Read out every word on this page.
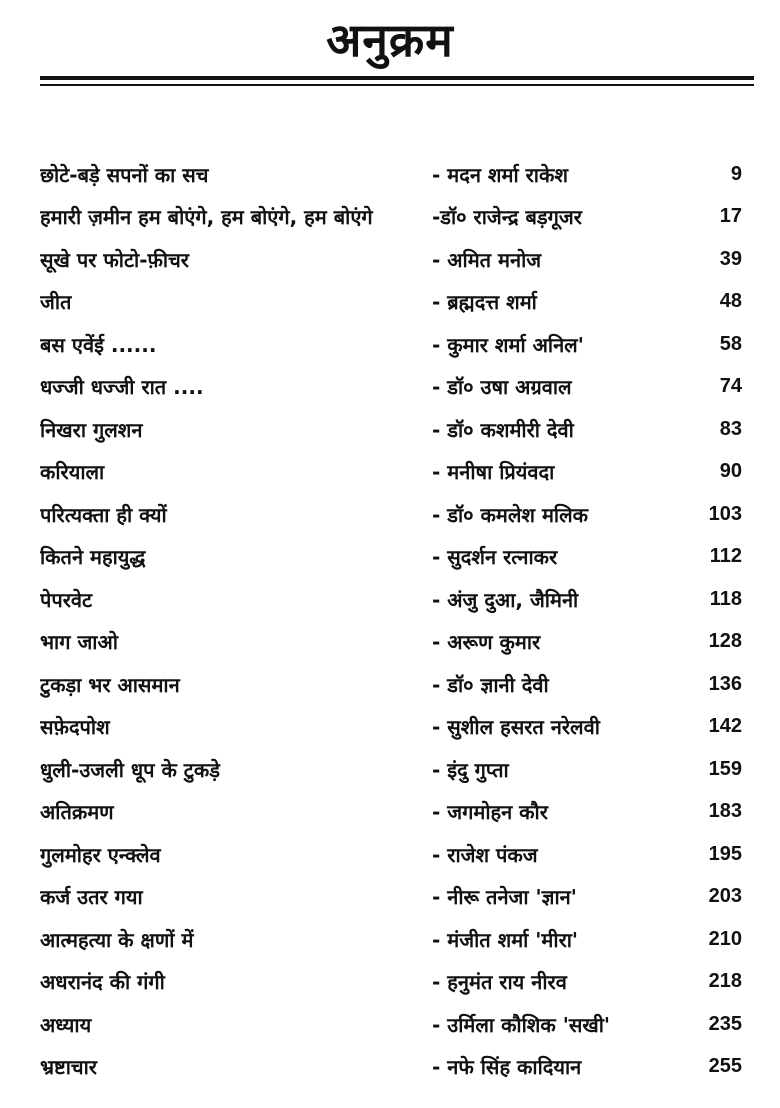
अनुक्रम
छोटे-बड़े सपनों का सच	- मदन शर्मा राकेश	9
हमारी ज़मीन हम बोएंगे, हम बोएंगे, हम बोएंगे	-डॉ० राजेन्द्र बड़गूजर	17
सूखे पर फोटो-फ़ीचर	- अमित मनोज	39
जीत	- ब्रह्मदत्त शर्मा	48
बस एवेंई ......	- कुमार शर्मा अनिल'	58
धज्जी धज्जी रात ....	- डॉ० उषा अग्रवाल	74
निखरा गुलशन	- डॉ० कशमीरी देवी	83
करियाला	- मनीषा प्रियंवदा	90
परित्यक्ता ही क्यों	- डॉ० कमलेश मलिक	103
कितने महायुद्ध	- सुदर्शन रत्नाकर	112
पेपरवेट	- अंजु दुआ, जैमिनी	118
भाग जाओ	- अरूण कुमार	128
टुकड़ा भर आसमान	- डॉ० ज्ञानी देवी	136
सफ़ेदपोश	- सुशील हसरत नरेलवी	142
धुली-उजली धूप के टुकड़े	- इंदु गुप्ता	159
अतिक्रमण	- जगमोहन कौर	183
गुलमोहर एन्क्लेव	- राजेश पंकज	195
कर्ज उतर गया	- नीरू तनेजा 'ज्ञान'	203
आत्महत्या के क्षणों में	- मंजीत शर्मा 'मीरा'	210
अधरानंद की गंगी	- हनुमंत राय नीरव	218
अध्याय	- उर्मिला कौशिक 'सखी'	235
भ्रष्टाचार	- नफे सिंह कादियान	255
